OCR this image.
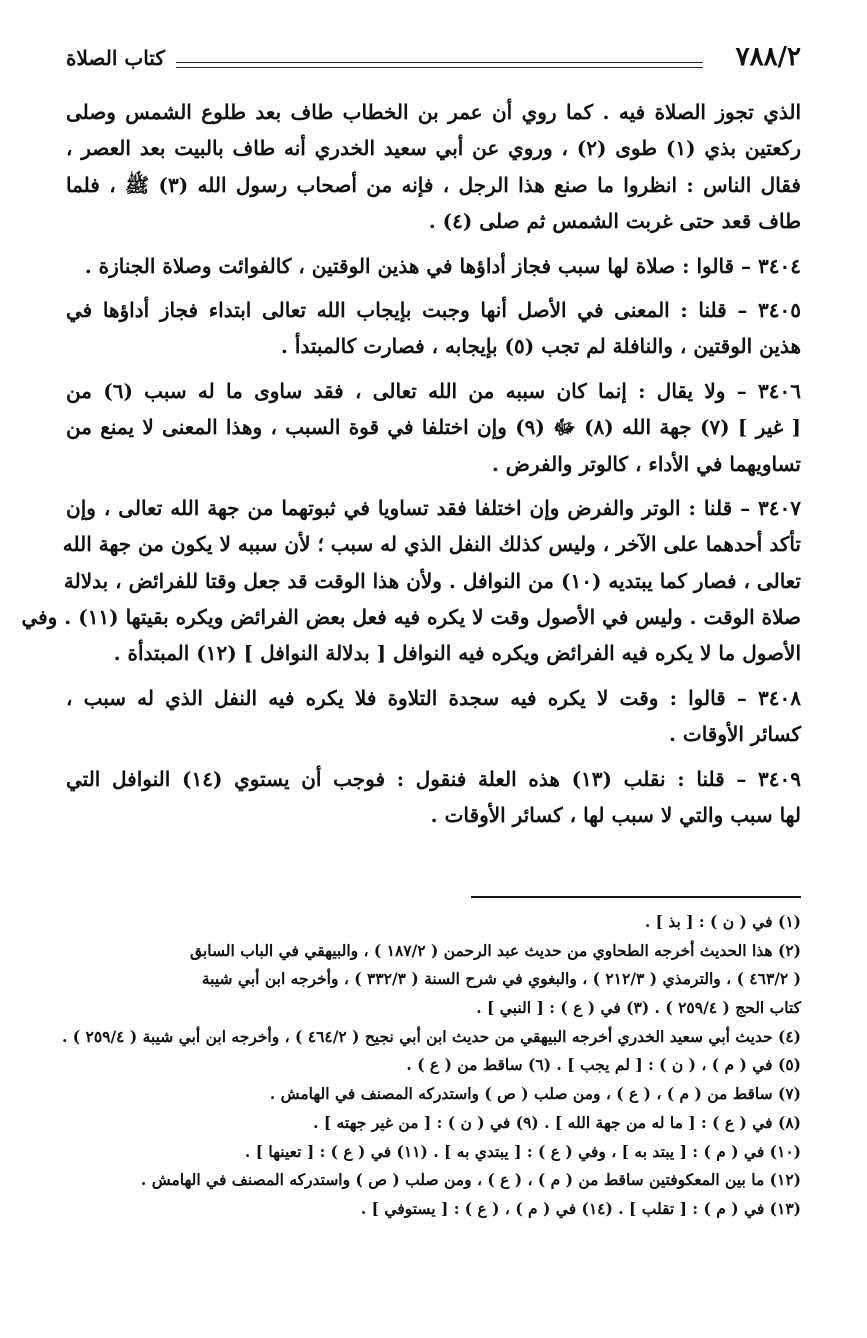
٧٨٨/٢
كتاب الصلاة
الذي تجوز الصلاة فيه . كما روي أن عمر بن الخطاب طاف بعد طلوع الشمس وصلى
ركعتين بذي (١) طوى (٢) ، وروي عن أبي سعيد الخدري أنه طاف بالبيت بعد العصر ،
فقال الناس : انظروا ما صنع هذا الرجل ، فإنه من أصحاب رسول الله (٣) ﷺ ، فلما
طاف قعد حتى غربت الشمس ثم صلى (٤) .
٣٤٠٤ – قالوا : صلاة لها سبب فجاز أداؤها في هذين الوقتين ، كالفوائت وصلاة الجنازة .
٣٤٠٥ – قلنا : المعنى في الأصل أنها وجبت بإيجاب الله تعالى ابتداء فجاز أداؤها في
هذين الوقتين ، والنافلة لم تجب (٥) بإيجابه ، فصارت كالمبتدأ .
٣٤٠٦ – ولا يقال : إنما كان سببه من الله تعالى ، فقد ساوى ما له سبب (٦) من
[ غير ] (٧) جهة الله (٨) ﷻ (٩) وإن اختلفا في قوة السبب ، وهذا المعنى لا يمنع من
تساويهما في الأداء ، كالوتر والفرض .
٣٤٠٧ – قلنا : الوتر والفرض وإن اختلفا فقد تساويا في ثبوتهما من جهة الله تعالى ، وإن
تأكد أحدهما على الآخر ، وليس كذلك النفل الذي له سبب ؛ لأن سببه لا يكون من جهة الله
تعالى ، فصار كما يبتديه (١٠) من النوافل . ولأن هذا الوقت قد جعل وقتا للفرائض ، بدلالة
صلاة الوقت . وليس في الأصول وقت لا يكره فيه فعل بعض الفرائض ويكره بقيتها (١١) . وفي
الأصول ما لا يكره فيه الفرائض ويكره فيه النوافل [ بدلالة النوافل ] (١٢) المبتدأة .
٣٤٠٨ – قالوا : وقت لا يكره فيه سجدة التلاوة فلا يكره فيه النفل الذي له سبب ،
كسائر الأوقات .
٣٤٠٩ – قلنا : نقلب (١٣) هذه العلة فنقول : فوجب أن يستوي (١٤) النوافل التي
لها سبب والتي لا سبب لها ، كسائر الأوقات .
(١) في ( ن ) : [ بذ ] .
(٢) هذا الحديث أخرجه الطحاوي من حديث عبد الرحمن ( ١٨٧/٢ ) ، والبيهقي في الباب السابق
( ٤٦٣/٢ ) ، والترمذي ( ٢١٢/٣ ) ، والبغوي في شرح السنة ( ٣٣٢/٣ ) ، وأخرجه ابن أبي شيبة
كتاب الحج ( ٢٥٩/٤ ) . (٣) في ( ع ) : [ النبي ] .
(٤) حديث أبي سعيد الخدري أخرجه البيهقي من حديث ابن أبي نجيح ( ٤٦٤/٢ ) ، وأخرجه ابن أبي شيبة ( ٢٥٩/٤ ) .
(٥) في ( م ) ، ( ن ) : [ لم يجب ] . (٦) ساقط من ( ع ) .
(٧) ساقط من ( م ) ، ( ع ) ، ومن صلب ( ص ) واستدركه المصنف في الهامش .
(٨) في ( ع ) : [ ما له من جهة الله ] . (٩) في ( ن ) : [ من غير جهته ] .
(١٠) في ( م ) : [ يبتد به ] ، وفي ( ع ) : [ يبتدي به ] . (١١) في ( ع ) : [ تعينها ] .
(١٢) ما بين المعكوفتين ساقط من ( م ) ، ( ع ) ، ومن صلب ( ص ) واستدركه المصنف في الهامش .
(١٣) في ( م ) : [ تقلب ] . (١٤) في ( م ) ، ( ع ) : [ يستوفي ] .
